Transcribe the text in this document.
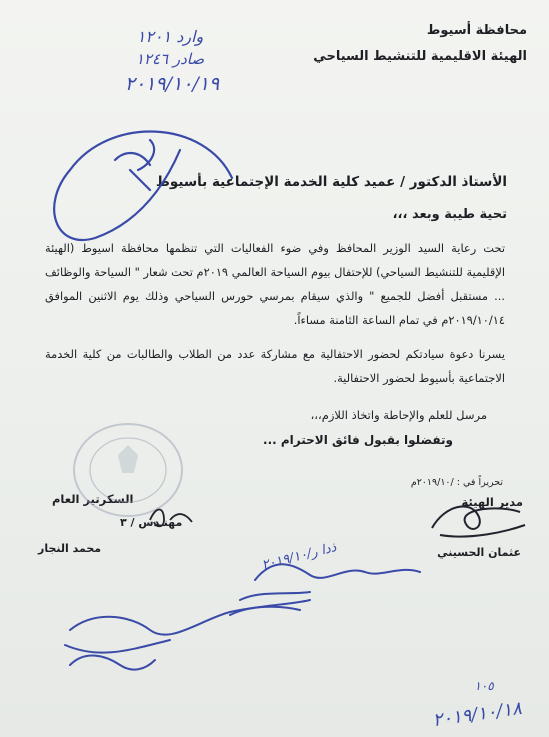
محافظة أسيوط
الهيئة الاقليمية للتنشيط السياحي
الأستاذ الدكتور / عميد كلية الخدمة الإجتماعية بأسيوط
تحية طيبة وبعد ،،،
تحت رعاية السيد الوزير المحافظ وفي ضوء الفعاليات التي تنظمها محافظة اسيوط (الهيئة الإقليمية للتنشيط السياحي) للإحتفال بيوم السياحة العالمي ٢٠١٩م تحت شعار " السياحة والوظائف ... مستقبل أفضل للجميع " والذي سيقام بمرسي حورس السياحي وذلك يوم الاثنين الموافق ٢٠١٩/١٠/١٤م في تمام الساعة الثامنة مساءاً.
يسرنا دعوة سيادتكم لحضور الاحتفالية مع مشاركة عدد من الطلاب والطالبات من كلية الخدمة الاجتماعية بأسيوط لحضور الاحتفالية.
مرسل للعلم والإحاطة واتخاذ اللازم،،،
وتفضلوا بقبول فائق الاحترام ...
تحريراً في : /٢٠١٩/١٠م
مدير الهيئة
السكرتير العام
مهنـدس / ٣
عثمان الحسيني
محمد النجار
وارد ١٢٠١
صادر ١٢٤٦
٢٠١٩/١٠/١٩
ذدا ر/٢٠١٩/١٠
١٠٥
٢٠١٩/١٠/١٨
